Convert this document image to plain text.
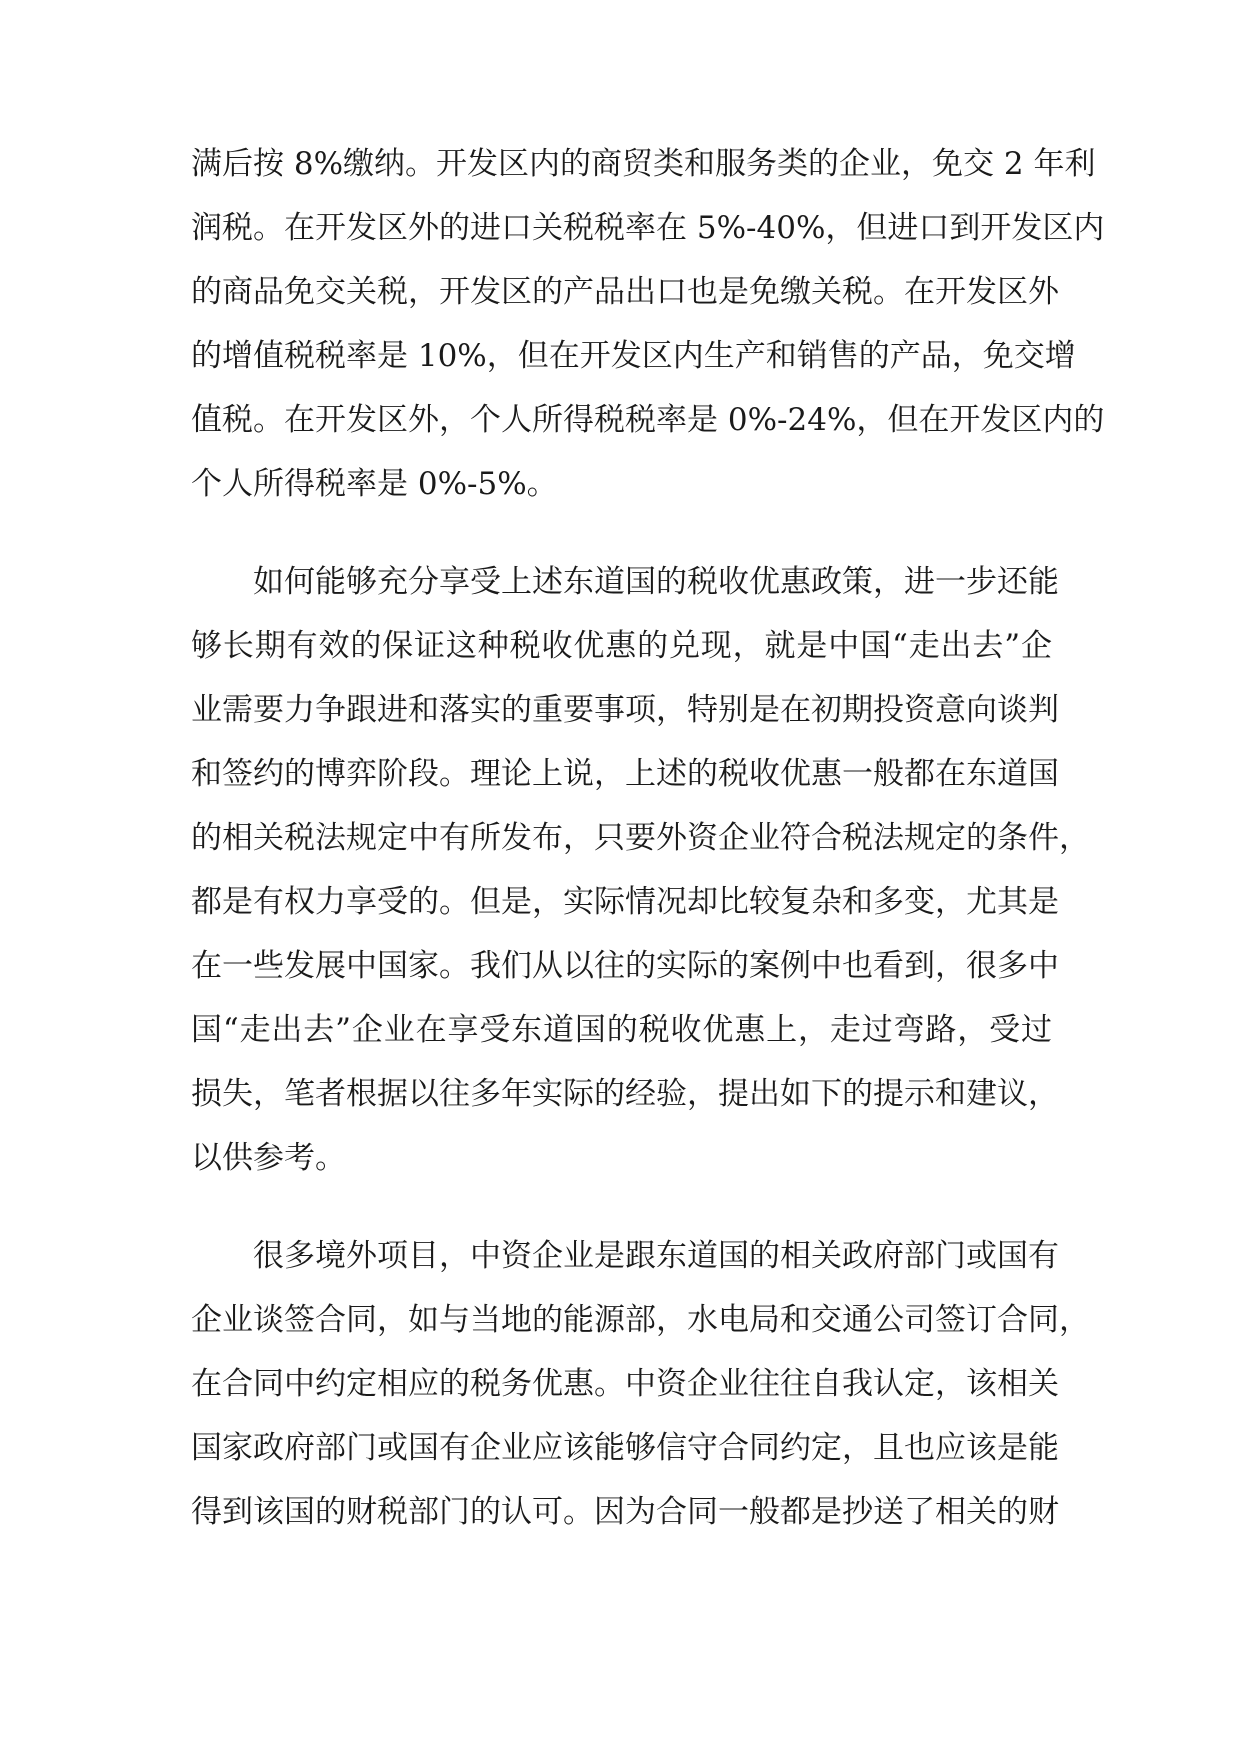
满后按 8%缴纳。开发区内的商贸类和服务类的企业，免交 2 年利
润税。在开发区外的进口关税税率在 5%-40%，但进口到开发区内
的商品免交关税，开发区的产品出口也是免缴关税。在开发区外
的增值税税率是 10%，但在开发区内生产和销售的产品，免交增
值税。在开发区外，个人所得税税率是 0%-24%，但在开发区内的
个人所得税率是 0%-5%。
　　如何能够充分享受上述东道国的税收优惠政策，进一步还能
够长期有效的保证这种税收优惠的兑现，就是中国“走出去”企
业需要力争跟进和落实的重要事项，特别是在初期投资意向谈判
和签约的博弈阶段。理论上说，上述的税收优惠一般都在东道国
的相关税法规定中有所发布，只要外资企业符合税法规定的条件，
都是有权力享受的。但是，实际情况却比较复杂和多变，尤其是
在一些发展中国家。我们从以往的实际的案例中也看到，很多中
国“走出去”企业在享受东道国的税收优惠上，走过弯路，受过
损失，笔者根据以往多年实际的经验，提出如下的提示和建议，
以供参考。
　　很多境外项目，中资企业是跟东道国的相关政府部门或国有
企业谈签合同，如与当地的能源部，水电局和交通公司签订合同，
在合同中约定相应的税务优惠。中资企业往往自我认定，该相关
国家政府部门或国有企业应该能够信守合同约定，且也应该是能
得到该国的财税部门的认可。因为合同一般都是抄送了相关的财
